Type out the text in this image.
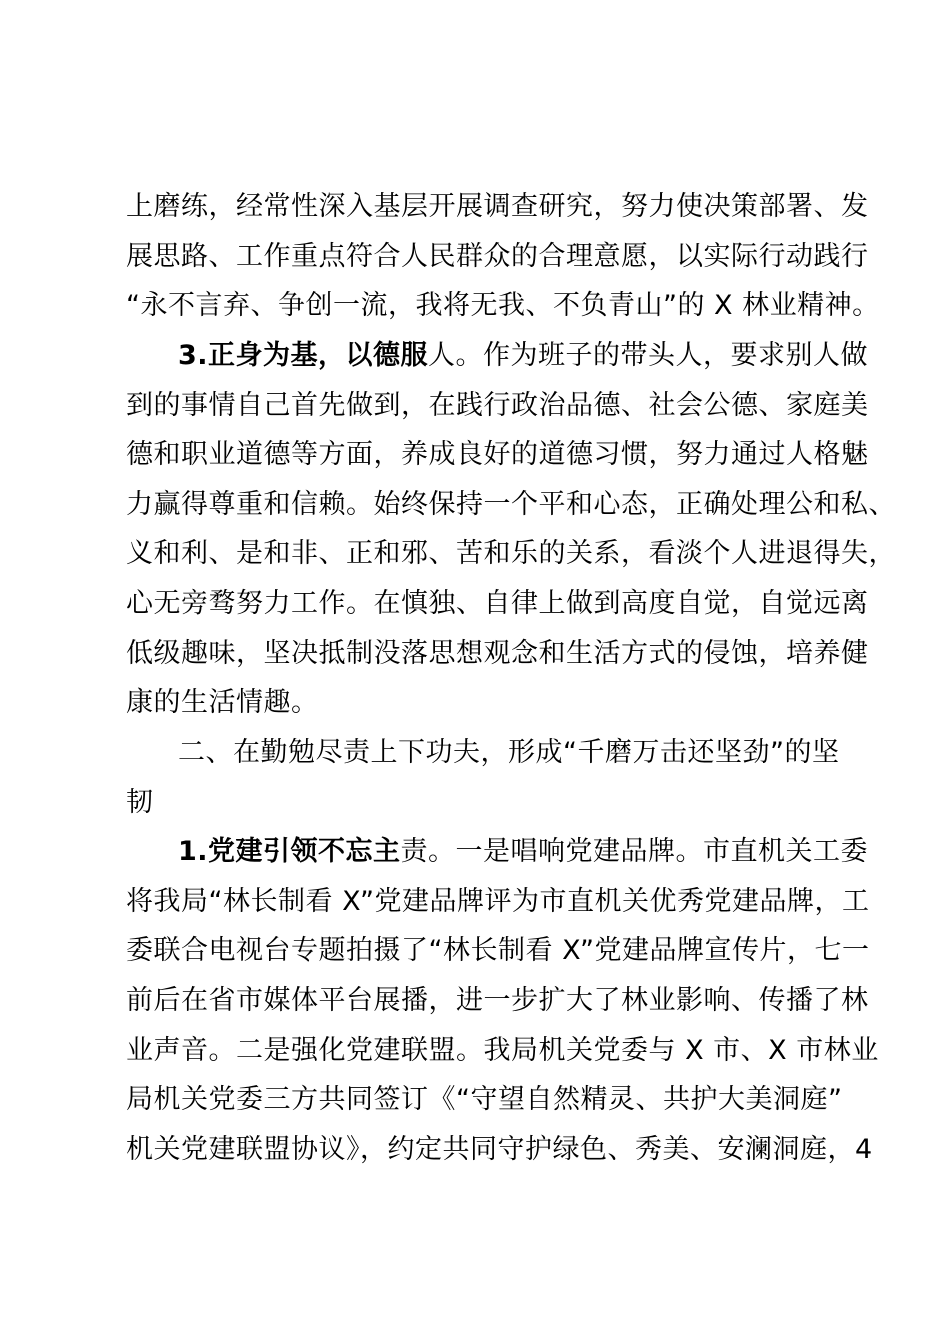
上磨练，经常性深入基层开展调查研究，努力使决策部署、发
展思路、工作重点符合人民群众的合理意愿，以实际行动践行
“永不言弃、争创一流，我将无我、不负青山”的 X 林业精神。
3.正身为基，以德服人。作为班子的带头人，要求别人做
到的事情自己首先做到，在践行政治品德、社会公德、家庭美
德和职业道德等方面，养成良好的道德习惯，努力通过人格魅
力赢得尊重和信赖。始终保持一个平和心态，正确处理公和私、
义和利、是和非、正和邪、苦和乐的关系，看淡个人进退得失，
心无旁骛努力工作。在慎独、自律上做到高度自觉，自觉远离
低级趣味，坚决抵制没落思想观念和生活方式的侵蚀，培养健
康的生活情趣。
二、在勤勉尽责上下功夫，形成“千磨万击还坚劲”的坚
韧
1.党建引领不忘主责。一是唱响党建品牌。市直机关工委
将我局“林长制看 X”党建品牌评为市直机关优秀党建品牌，工
委联合电视台专题拍摄了“林长制看 X”党建品牌宣传片，七一
前后在省市媒体平台展播，进一步扩大了林业影响、传播了林
业声音。二是强化党建联盟。我局机关党委与 X 市、X 市林业
局机关党委三方共同签订《“守望自然精灵、共护大美洞庭”
机关党建联盟协议》，约定共同守护绿色、秀美、安澜洞庭，4
